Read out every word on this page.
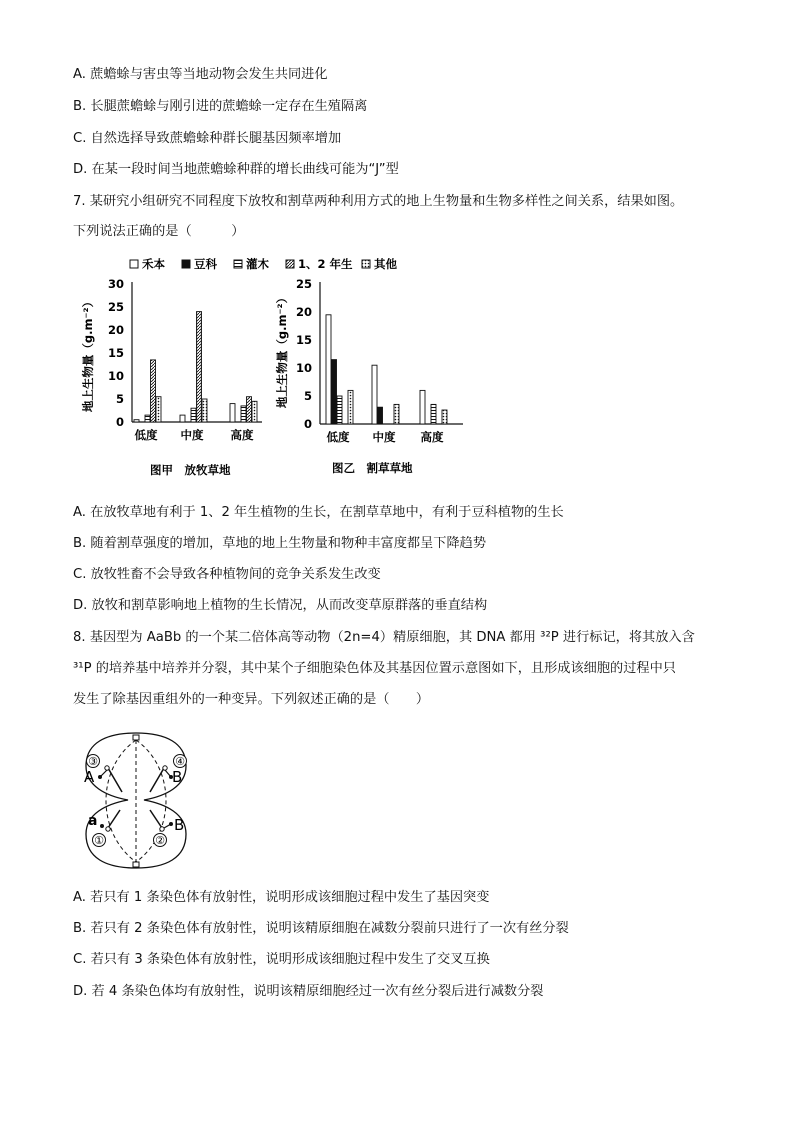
A. 蔗蟾蜍与害虫等当地动物会发生共同进化
B. 长腿蔗蟾蜍与刚引进的蔗蟾蜍一定存在生殖隔离
C. 自然选择导致蔗蟾蜍种群长腿基因频率增加
D. 在某一段时间当地蔗蟾蜍种群的增长曲线可能为“J”型
7. 某研究小组研究不同程度下放牧和割草两种利用方式的地上生物量和生物多样性之间关系，结果如图。
下列说法正确的是（　　　）
禾本	豆科	灌木	1、2 年生 其他
地上生物量（g.m⁻²）	地上生物量（g.m⁻²）
图甲　放牧草地	图乙　割草草地
0
5
10
15
20
25
30
低度 中度 高度
0
5
10
15
20
25
低度 中度 高度
A. 在放牧草地有利于 1、2 年生植物的生长，在割草草地中，有利于豆科植物的生长
B. 随着割草强度的增加，草地的地上生物量和物种丰富度都呈下降趋势
C. 放牧牲畜不会导致各种植物间的竞争关系发生改变
D. 放牧和割草影响地上植物的生长情况，从而改变草原群落的垂直结构
8. 基因型为 AaBb 的一个某二倍体高等动物（2n=4）精原细胞，其 DNA 都用 ³²P 进行标记，将其放入含
³¹P 的培养基中培养并分裂，其中某个子细胞染色体及其基因位置示意图如下，且形成该细胞的过程中只
发生了除基因重组外的一种变异。下列叙述正确的是（　　）
③	④
A	B
a	B
①	②
A. 若只有 1 条染色体有放射性，说明形成该细胞过程中发生了基因突变
B. 若只有 2 条染色体有放射性，说明该精原细胞在减数分裂前只进行了一次有丝分裂
C. 若只有 3 条染色体有放射性，说明形成该细胞过程中发生了交叉互换
D. 若 4 条染色体均有放射性，说明该精原细胞经过一次有丝分裂后进行减数分裂
